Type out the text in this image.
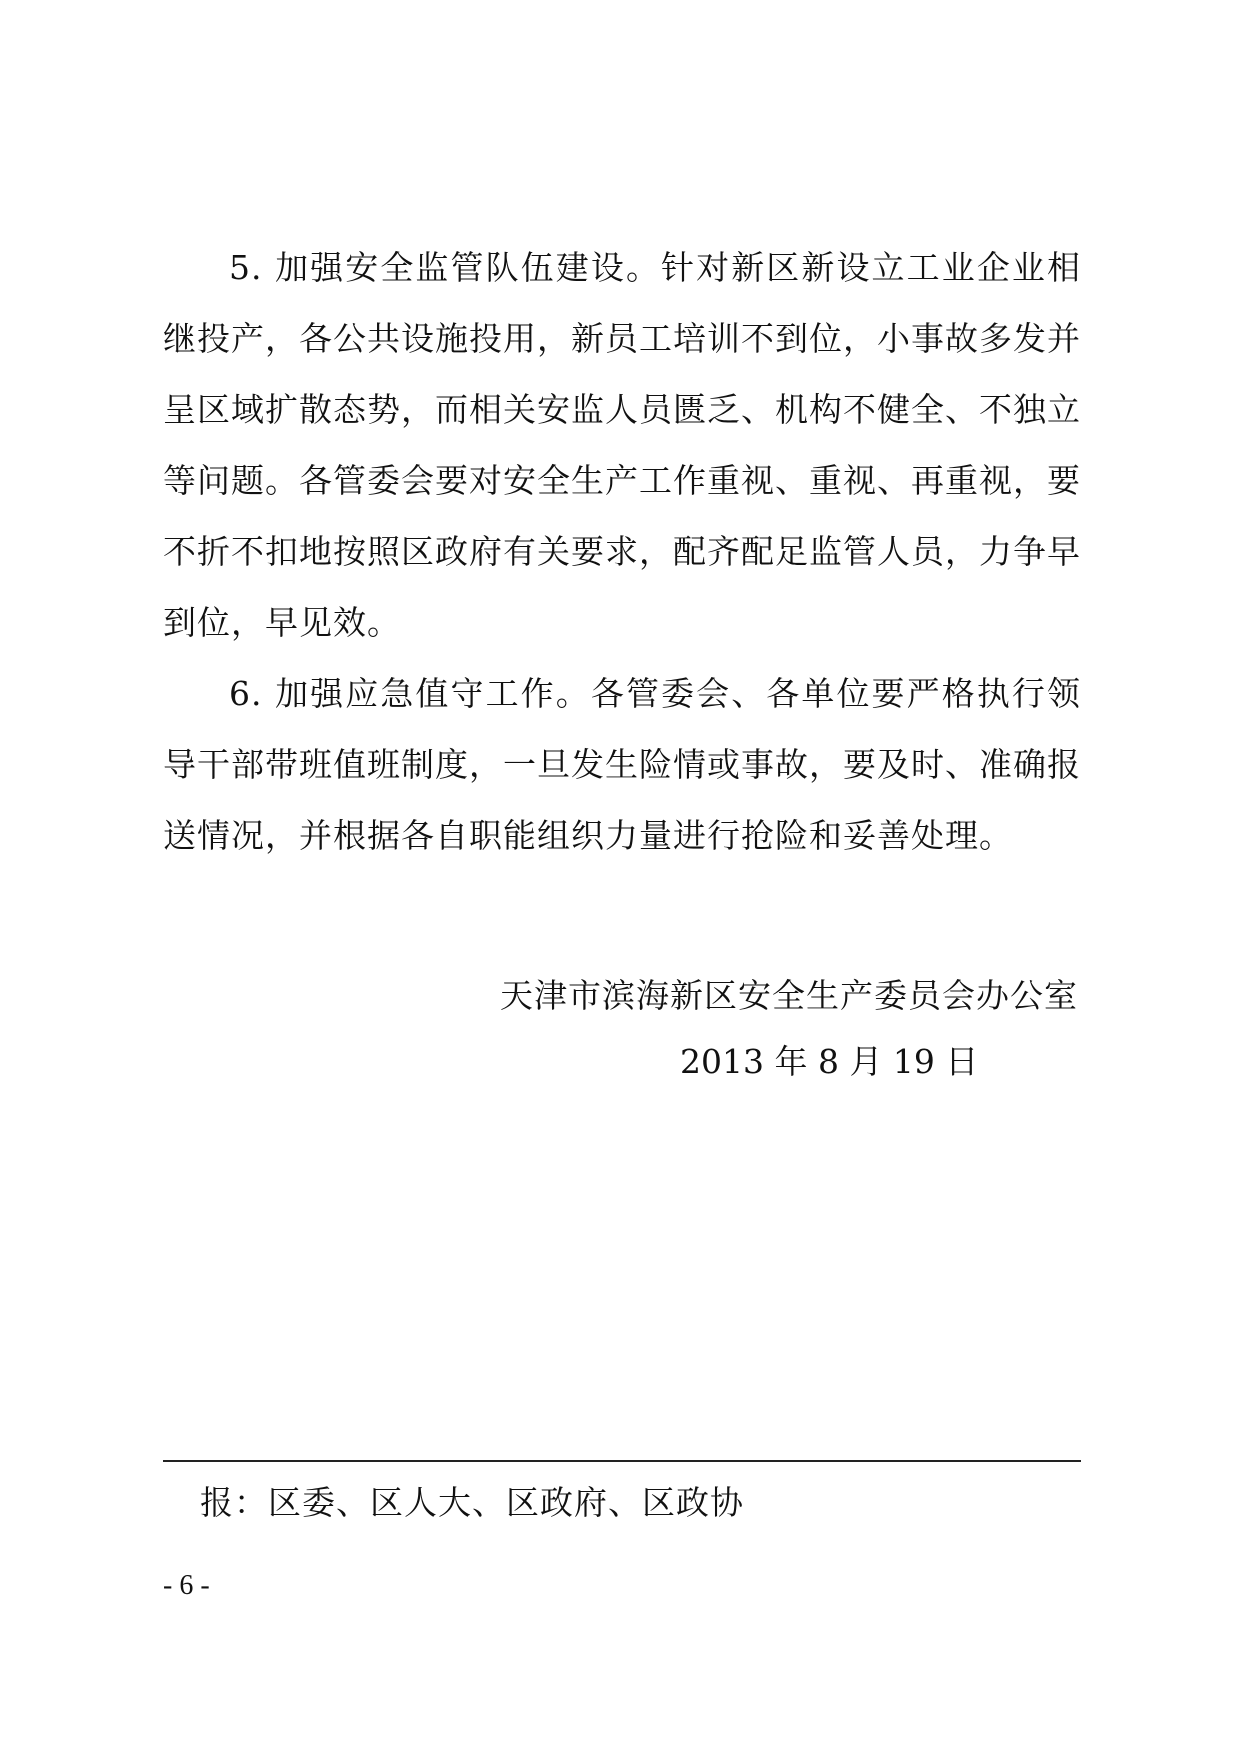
5. 加强安全监管队伍建设。针对新区新设立工业企业相继投产，各公共设施投用，新员工培训不到位，小事故多发并呈区域扩散态势，而相关安监人员匮乏、机构不健全、不独立等问题。各管委会要对安全生产工作重视、重视、再重视，要不折不扣地按照区政府有关要求，配齐配足监管人员，力争早到位，早见效。

6. 加强应急值守工作。各管委会、各单位要严格执行领导干部带班值班制度，一旦发生险情或事故，要及时、准确报送情况，并根据各自职能组织力量进行抢险和妥善处理。

天津市滨海新区安全生产委员会办公室
2013 年 8 月 19 日
报：区委、区人大、区政府、区政协
- 6 -
